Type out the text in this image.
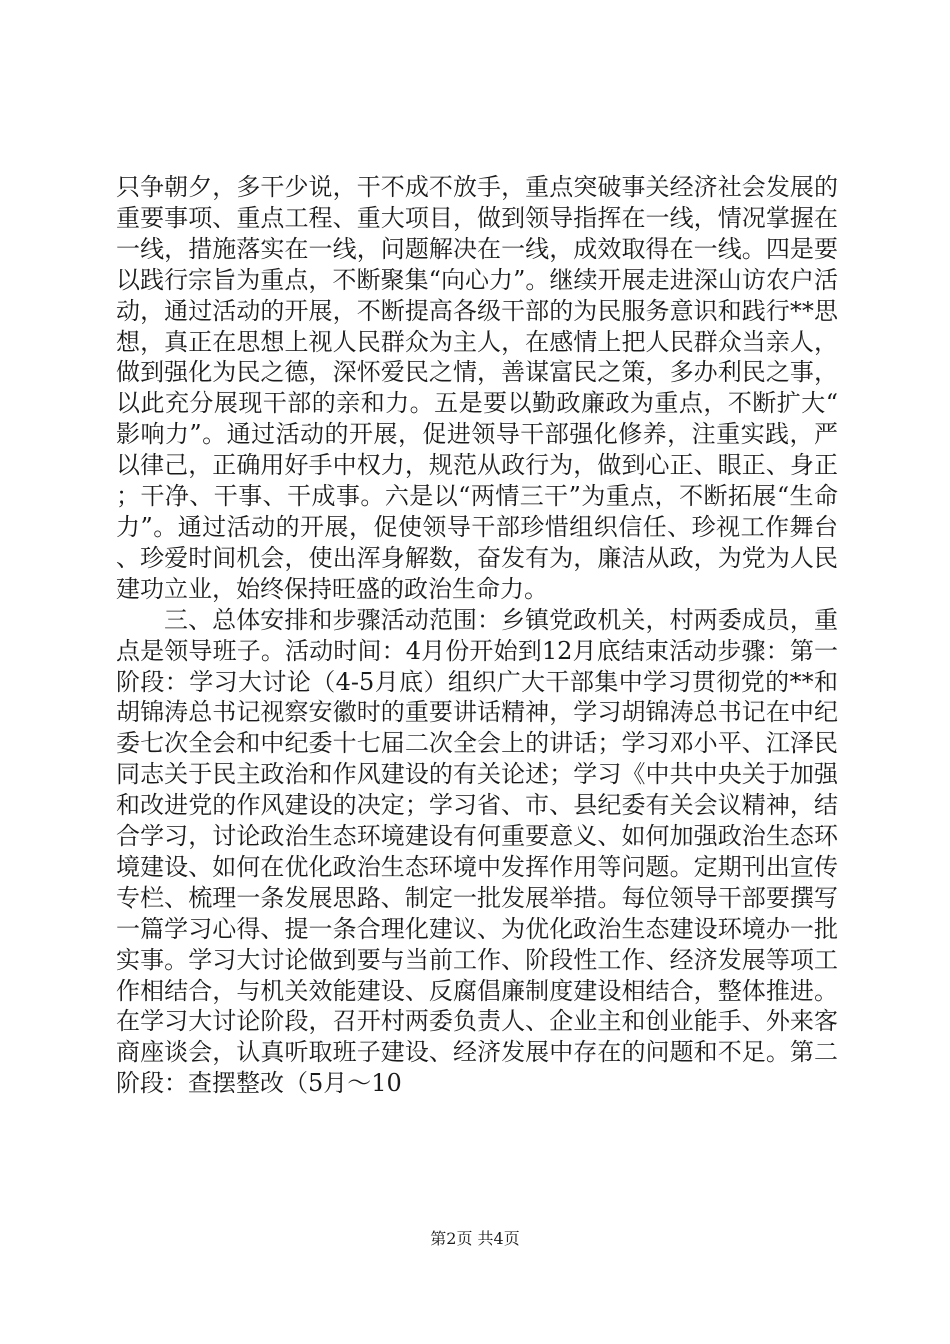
只争朝夕，多干少说，干不成不放手，重点突破事关经济社会发展的重要事项、重点工程、重大项目，做到领导指挥在一线，情况掌握在一线，措施落实在一线，问题解决在一线，成效取得在一线。四是要以践行宗旨为重点，不断聚集“向心力”。继续开展走进深山访农户活动，通过活动的开展，不断提高各级干部的为民服务意识和践行**思想，真正在思想上视人民群众为主人，在感情上把人民群众当亲人，做到强化为民之德，深怀爱民之情，善谋富民之策，多办利民之事，以此充分展现干部的亲和力。五是要以勤政廉政为重点，不断扩大“影响力”。通过活动的开展，促进领导干部强化修养，注重实践，严以律己，正确用好手中权力，规范从政行为，做到心正、眼正、身正；干净、干事、干成事。六是以“两情三干”为重点，不断拓展“生命力”。通过活动的开展，促使领导干部珍惜组织信任、珍视工作舞台、珍爱时间机会，使出浑身解数，奋发有为，廉洁从政，为党为人民建功立业，始终保持旺盛的政治生命力。

三、总体安排和步骤活动范围：乡镇党政机关，村两委成员，重点是领导班子。活动时间：4月份开始到12月底结束活动步骤：第一阶段：学习大讨论（4-5月底）组织广大干部集中学习贯彻党的**和胡锦涛总书记视察安徽时的重要讲话精神，学习胡锦涛总书记在中纪委七次全会和中纪委十七届二次全会上的讲话；学习邓小平、江泽民同志关于民主政治和作风建设的有关论述；学习《中共中央关于加强和改进党的作风建设的决定；学习省、市、县纪委有关会议精神，结合学习，讨论政治生态环境建设有何重要意义、如何加强政治生态环境建设、如何在优化政治生态环境中发挥作用等问题。定期刊出宣传专栏、梳理一条发展思路、制定一批发展举措。每位领导干部要撰写一篇学习心得、提一条合理化建议、为优化政治生态建设环境办一批实事。学习大讨论做到要与当前工作、阶段性工作、经济发展等项工作相结合，与机关效能建设、反腐倡廉制度建设相结合，整体推进。在学习大讨论阶段，召开村两委负责人、企业主和创业能手、外来客商座谈会，认真听取班子建设、经济发展中存在的问题和不足。第二阶段：查摆整改（5月～10

第2页 共4页
